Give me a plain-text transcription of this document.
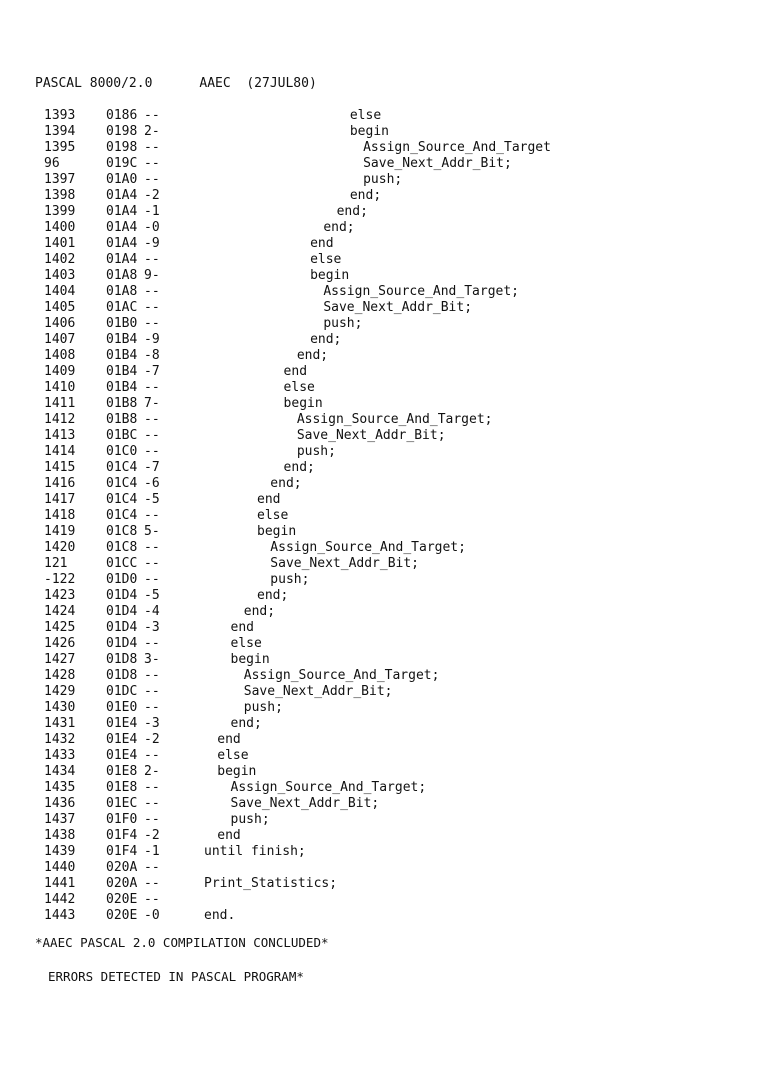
PASCAL 8000/2.0	AAEC (27JUL80)
1393	0186 --	else
1394	0198 2-	begin
1395	0198 --	Assign_Source_And_Target
96	019C --	Save_Next_Addr_Bit;
1397	01A0 --	push;
1398	01A4 -2	end;
1399	01A4 -1	end;
1400	01A4 -0	end;
1401	01A4 -9	end
1402	01A4 --	else
1403	01A8 9-	begin
1404	01A8 --	Assign_Source_And_Target;
1405	01AC --	Save_Next_Addr_Bit;
1406	01B0 --	push;
1407	01B4 -9	end;
1408	01B4 -8	end;
1409	01B4 -7	end
1410	01B4 --	else
1411	01B8 7-	begin
1412	01B8 --	Assign_Source_And_Target;
1413	01BC --	Save_Next_Addr_Bit;
1414	01C0 --	push;
1415	01C4 -7	end;
1416	01C4 -6	end;
1417	01C4 -5	end
1418	01C4 --	else
1419	01C8 5-	begin
1420	01C8 --	Assign_Source_And_Target;
121	01CC --	Save_Next_Addr_Bit;
-122	01D0 --	push;
1423	01D4 -5	end;
1424	01D4 -4	end;
1425	01D4 -3	end
1426	01D4 --	else
1427	01D8 3-	begin
1428	01D8 --	Assign_Source_And_Target;
1429	01DC --	Save_Next_Addr_Bit;
1430	01E0 --	push;
1431	01E4 -3	end;
1432	01E4 -2	end
1433	01E4 --	else
1434	01E8 2-	begin
1435	01E8 --	Assign_Source_And_Target;
1436	01EC --	Save_Next_Addr_Bit;
1437	01F0 --	push;
1438	01F4 -2	end
1439	01F4 -1	until finish;
1440	020A --
1441	020A --	Print_Statistics;
1442	020E --
1443	020E -0	end.
*AAEC PASCAL 2.0 COMPILATION CONCLUDED*
ERRORS DETECTED IN PASCAL PROGRAM*
